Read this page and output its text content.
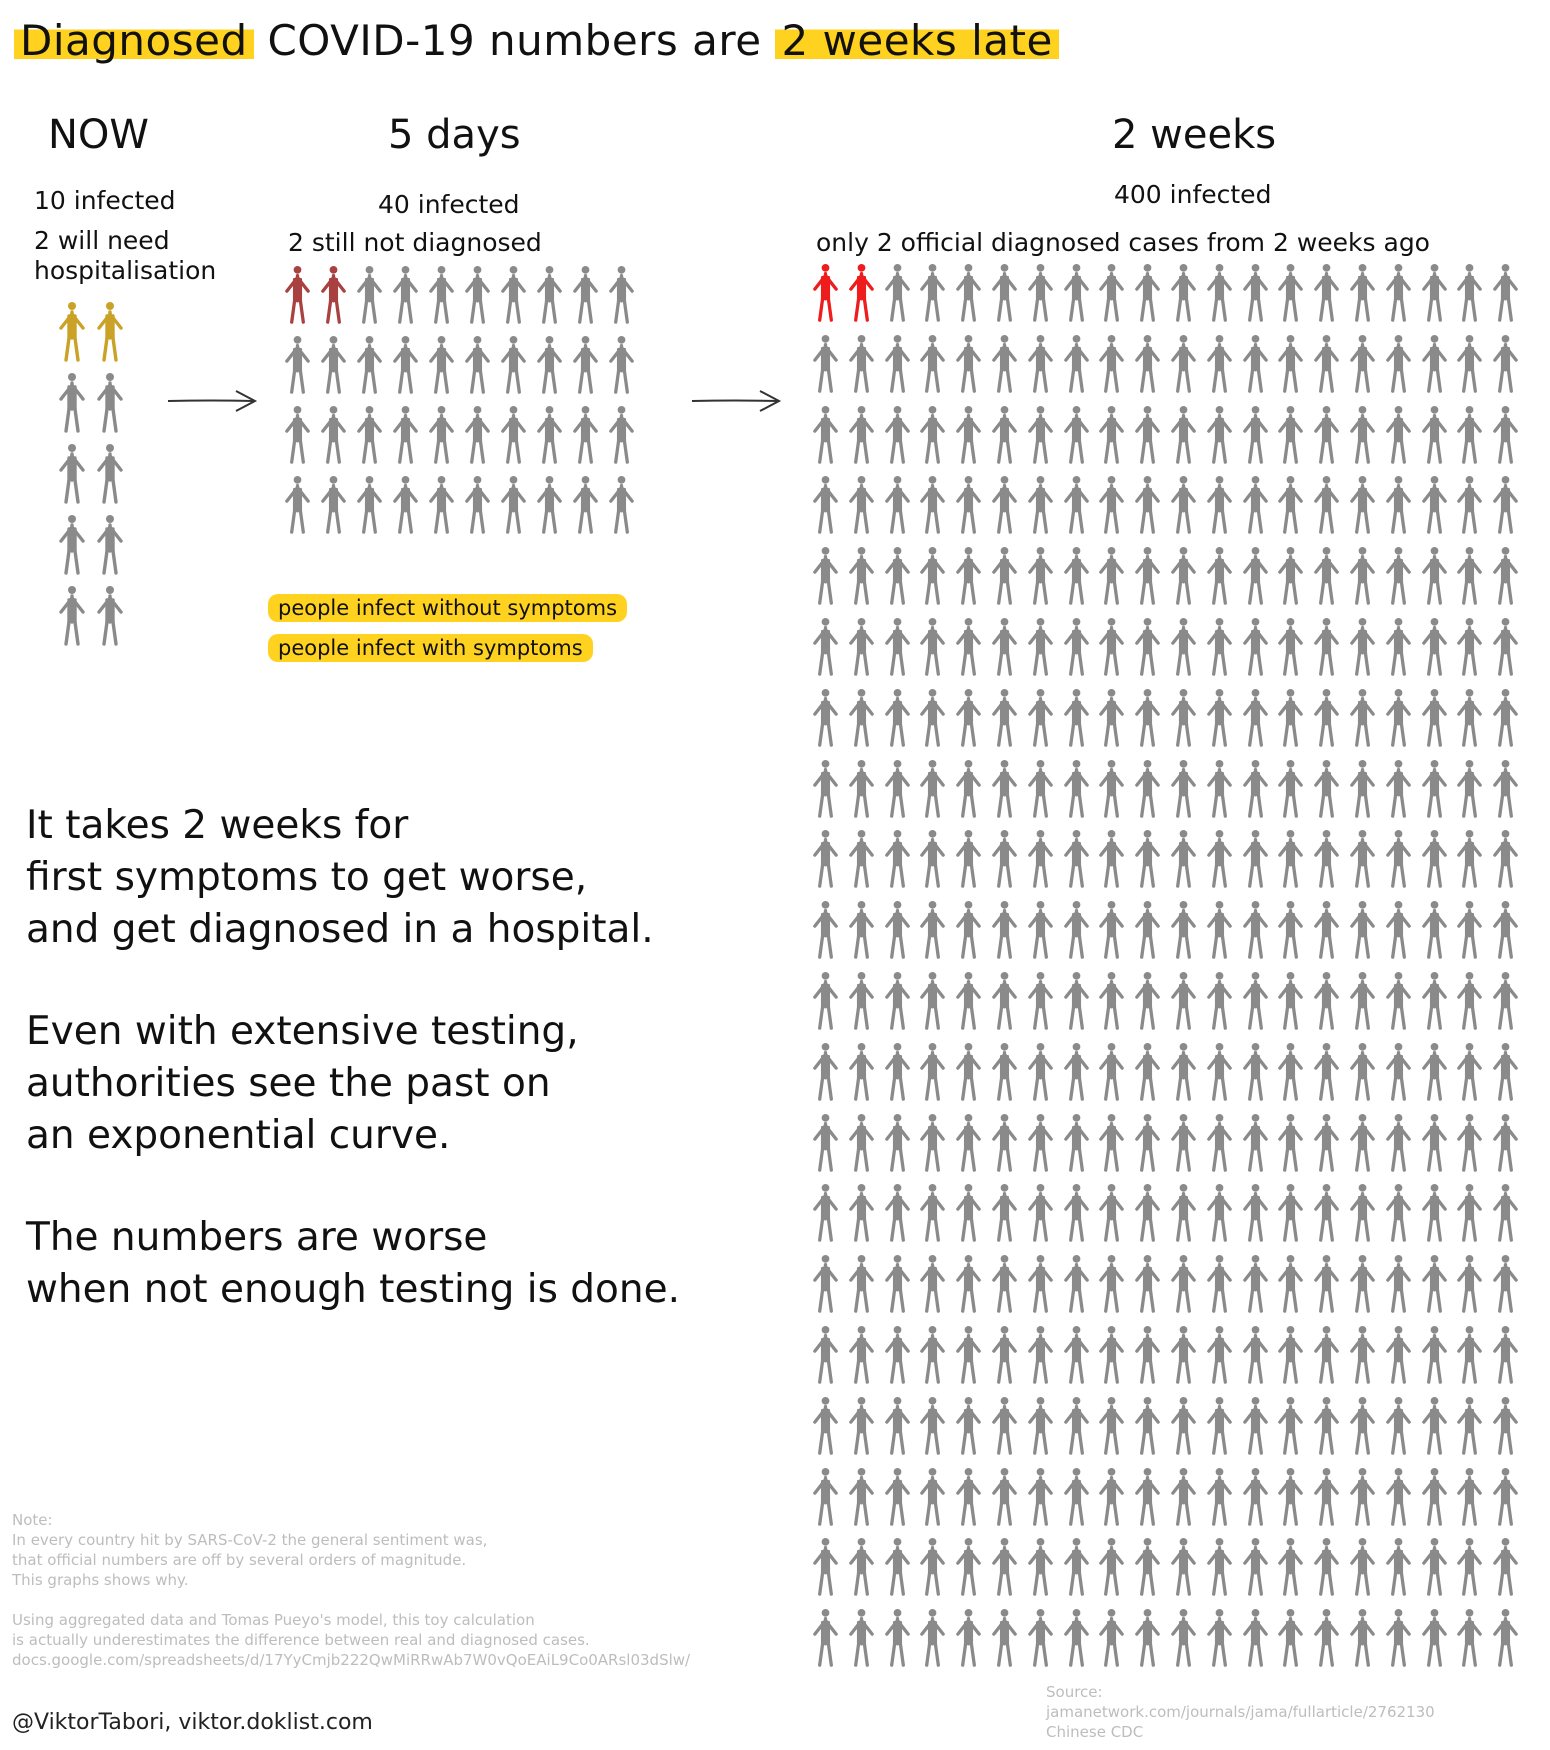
Diagnosed COVID-19 numbers are 2 weeks late
NOW
10 infected
2 will need
hospitalisation
5 days
40 infected
2 still not diagnosed
people infect without symptoms
people infect with symptoms
2 weeks
400 infected
only 2 official diagnosed cases from 2 weeks ago

It takes 2 weeks for
first symptoms to get worse,
and get diagnosed in a hospital.

Even with extensive testing,
authorities see the past on
an exponential curve.

The numbers are worse
when not enough testing is done.

Note:
In every country hit by SARS-CoV-2 the general sentiment was,
that official numbers are off by several orders of magnitude.
This graphs shows why.
Using aggregated data and Tomas Pueyo's model, this toy calculation
is actually underestimates the difference between real and diagnosed cases.
docs.google.com/spreadsheets/d/17YyCmjb222QwMiRRwAb7W0vQoEAiL9Co0ARsl03dSlw/
Source:
jamanetwork.com/journals/jama/fullarticle/2762130
Chinese CDC
@ViktorTabori, viktor.doklist.com
